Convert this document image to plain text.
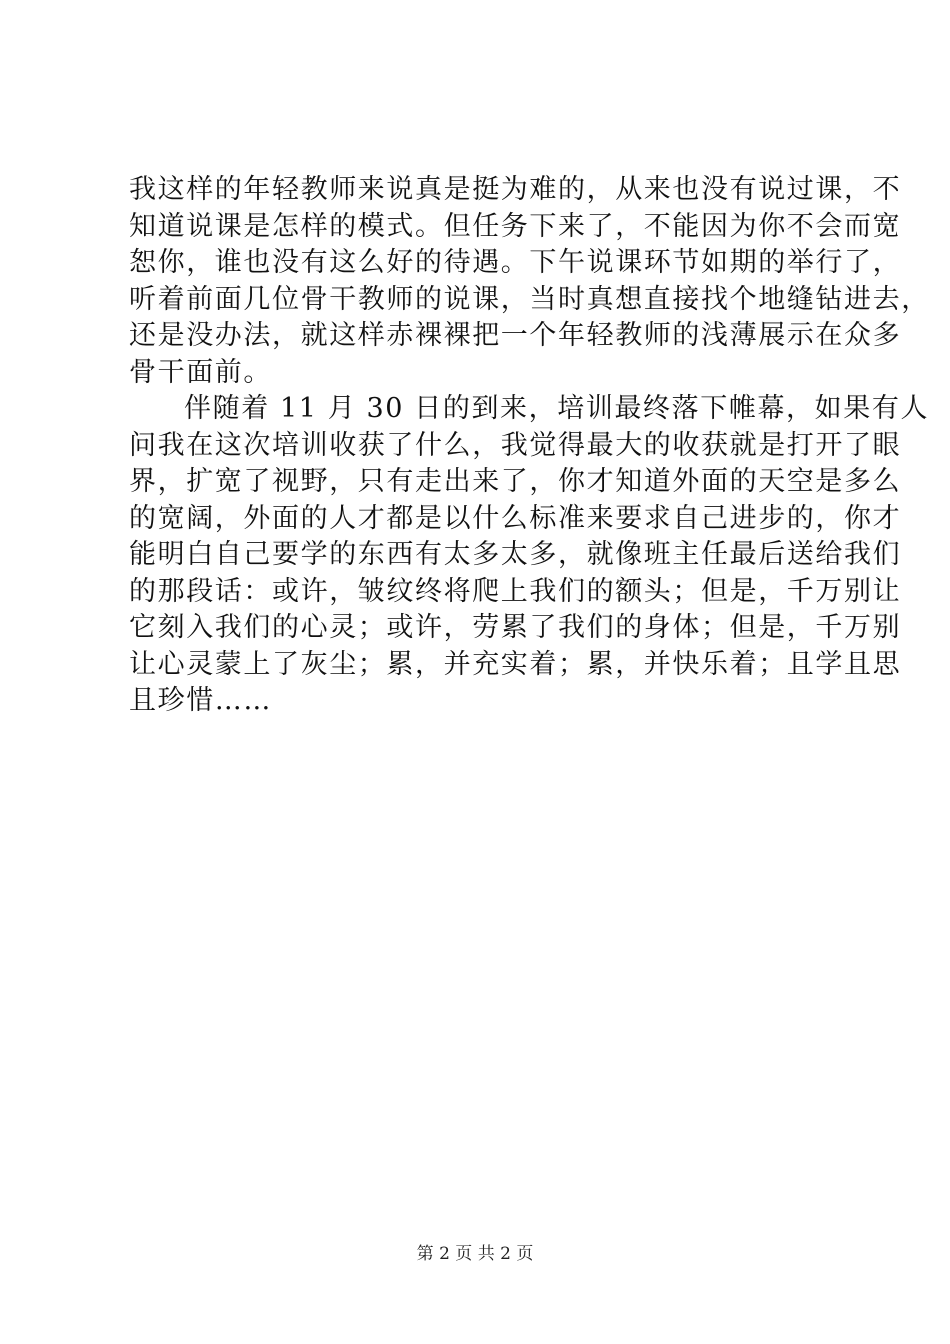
我这样的年轻教师来说真是挺为难的，从来也没有说过课，不
知道说课是怎样的模式。但任务下来了，不能因为你不会而宽
恕你，谁也没有这么好的待遇。下午说课环节如期的举行了，
听着前面几位骨干教师的说课，当时真想直接找个地缝钻进去，
还是没办法，就这样赤裸裸把一个年轻教师的浅薄展示在众多
骨干面前。
伴随着 11 月 30 日的到来，培训最终落下帷幕，如果有人
问我在这次培训收获了什么，我觉得最大的收获就是打开了眼
界，扩宽了视野，只有走出来了，你才知道外面的天空是多么
的宽阔，外面的人才都是以什么标准来要求自己进步的，你才
能明白自己要学的东西有太多太多，就像班主任最后送给我们
的那段话：或许，皱纹终将爬上我们的额头；但是，千万别让
它刻入我们的心灵；或许，劳累了我们的身体；但是，千万别
让心灵蒙上了灰尘；累，并充实着；累，并快乐着；且学且思
且珍惜……
第 2 页 共 2 页
